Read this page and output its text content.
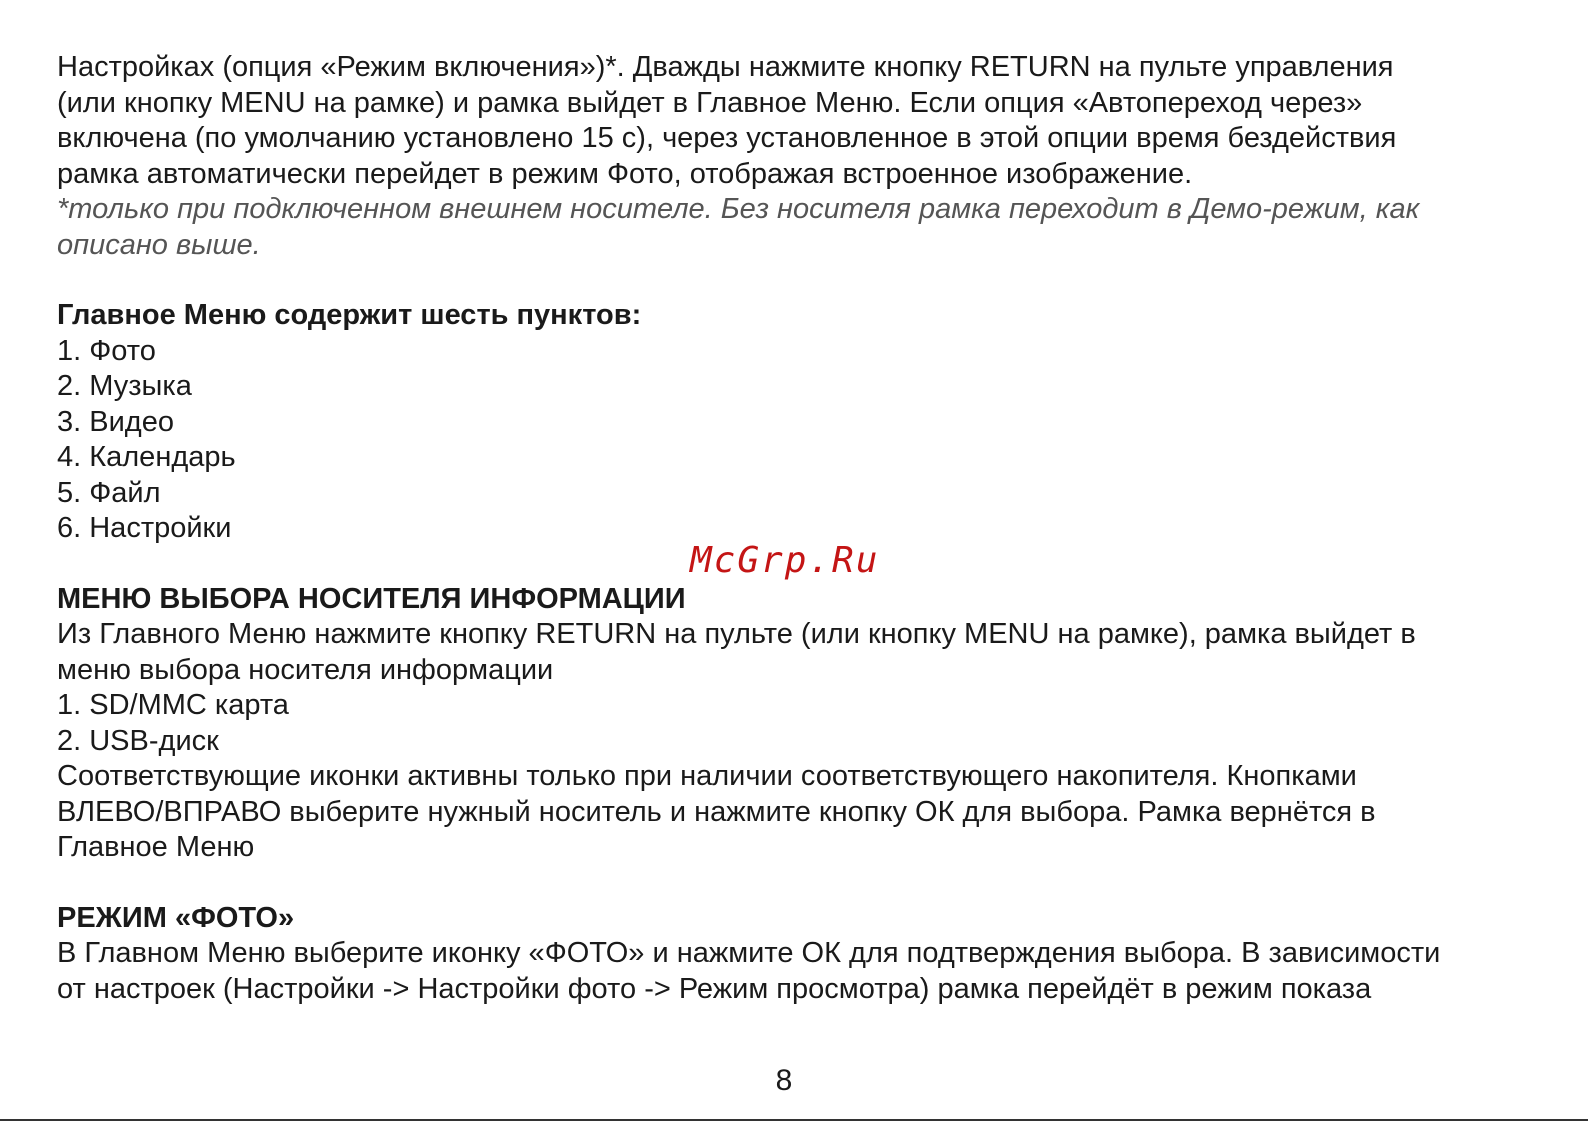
Настройках (опция «Режим включения»)*. Дважды нажмите кнопку RETURN на пульте управления

(или кнопку MENU на рамке) и рамка выйдет в Главное Меню. Если опция «Автопереход через»

включена (по умолчанию установлено 15 с), через установленное в этой опции время бездействия

рамка автоматически перейдет в режим Фото, отображая встроенное изображение.

*только при подключенном внешнем носителе. Без носителя рамка переходит в Демо-режим, как

описано выше.

Главное Меню содержит шесть пунктов:

1. Фото

2. Музыка

3. Видео

4. Календарь

5. Файл

6. Настройки

МЕНЮ ВЫБОРА НОСИТЕЛЯ ИНФОРМАЦИИ

Из Главного Меню нажмите кнопку RETURN на пульте (или кнопку MENU на рамке), рамка выйдет в

меню выбора носителя информации

1. SD/MMC карта

2. USB-диск

Соответствующие иконки активны только при наличии соответствующего накопителя. Кнопками

ВЛЕВО/ВПРАВО выберите нужный носитель и нажмите кнопку ОК для выбора. Рамка вернётся в

Главное Меню

РЕЖИМ «ФОТО»

В Главном Меню выберите иконку «ФОТО» и нажмите ОК для подтверждения выбора. В зависимости

от настроек (Настройки -> Настройки фото -> Режим просмотра) рамка перейдёт в режим показа

McGrp.Ru
8
